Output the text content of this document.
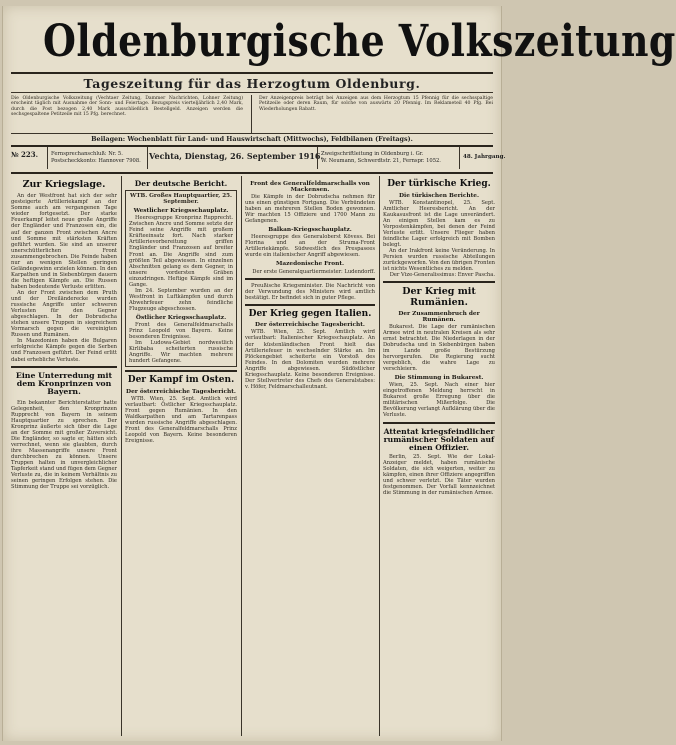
Oldenburgische Volkszeitung
Tageszeitung für das Herzogtum Oldenburg.
Die Oldenburgische Volkszeitung (Vechtaer Zeitung, Dammer Nachrichten, Lohner Zeitung) erscheint täglich mit Ausnahme der Sonn- und Feiertage. Bezugspreis vierteljährlich 2,40 Mark, durch die Post bezogen 2,40 Mark ausschließlich Bestellgeld. Anzeigen werden die sechsgespaltene Petitzeile mit 15 Pfg. berechnet.
Der Anzeigenpreis beträgt bei Anzeigen aus dem Herzogtum 15 Pfennig für die sechsspaltige Petitzeile oder deren Raum, für solche von auswärts 20 Pfennig. Im Reklameteil 40 Pfg. Bei Wiederholungen Rabatt.
Beilagen: Wochenblatt für Land- und Hauswirtschaft (Mittwochs), Feldbilanen (Freitags).
№ 223. Fernsprechanschluß: Nr. 5.
Postscheckkonto: Hannover 7908. Vechta, Dienstag, 26. September 1916.
Zweigschriftleitung in Oldenburg i. Gr.
W. Neumann, Schwerdtstr. 21, Fernspr. 1052.
48. Jahrgang.
Zur Kriegslage.

An der Westfront hat sich der sehr gesteigerte Artilleriekampf an der Somme auch am vergangenen Tage wieder fortgesetzt. Der starke Feuerkampf leitet neue große Angriffe der Engländer und Franzosen ein, die auf der ganzen Front zwischen Ancre und Somme mit stärksten Kräften geführt wurden. Sie sind an unserer unerschütterlichen Front zusammengebrochen. Die Feinde haben nur an wenigen Stellen geringen Geländegewinn erzielen können. In den Karpathen und in Siebenbürgen dauern die heftigen Kämpfe an. Die Russen haben bedeutende Verluste erlitten.

An der Front zwischen dem Pruth und der Dreiländerecke wurden russische Angriffe unter schweren Verlusten für den Gegner abgeschlagen. In der Dobrudscha stehen unsere Truppen in siegreichem Vormarsch gegen die vereinigten Russen und Rumänen.

In Mazedonien haben die Bulgaren erfolgreiche Kämpfe gegen die Serben und Franzosen geführt. Der Feind erlitt dabei erhebliche Verluste.

Eine Unterredung mit dem Kronprinzen von Bayern.

Ein bekannter Berichterstatter hatte Gelegenheit, den Kronprinzen Rupprecht von Bayern in seinem Hauptquartier zu sprechen. Der Kronprinz äußerte sich über die Lage an der Somme mit großer Zuversicht. Die Engländer, so sagte er, hätten sich verrechnet, wenn sie glaubten, durch ihre Massenangriffe unsere Front durchbrechen zu können. Unsere Truppen halten in unvergleichlicher Tapferkeit stand und fügen dem Gegner Verluste zu, die in keinem Verhältnis zu seinen geringen Erfolgen stehen. Die Stimmung der Truppe sei vorzüglich.

Der deutsche Bericht.
WTB. Großes Hauptquartier, 25. September.
Westlicher Kriegsschauplatz.

Heeresgruppe Kronprinz Rupprecht. Zwischen Ancre und Somme setzte der Feind seine Angriffe mit großem Kräfteeinsatz fort. Nach starker Artillerievorbereitung griffen Engländer und Franzosen auf breiter Front an. Die Angriffe sind zum größten Teil abgewiesen. In einzelnen Abschnitten gelang es dem Gegner, in unsere vordersten Gräben einzudringen. Heftige Kämpfe sind im Gange.

Im 24. September wurden an der Westfront in Luftkämpfen und durch Abwehrfeuer zehn feindliche Flugzeuge abgeschossen.

Östlicher Kriegsschauplatz.

Front des Generalfeldmarschalls Prinz Leopold von Bayern. Keine besonderen Ereignisse.

Im Ludowa-Gebiet nordwestlich Kirlibaba scheiterten russische Angriffe. Wir machten mehrere hundert Gefangene.

Der Kampf im Osten.
Der österreichische Tagesbericht.

WTB. Wien, 25. Sept. Amtlich wird verlautbart: Östlicher Kriegsschauplatz. Front gegen Rumänien. In den Waldkarpathen und am Tartarenpass wurden russische Angriffe abgeschlagen. Front des Generalfeldmarschalls Prinz Leopold von Bayern. Keine besonderen Ereignisse.

Front des Generalfeldmarschalls von Mackensen.

Die Kämpfe in der Dobrudscha nehmen für uns einen günstigen Fortgang. Die Verbündeten haben an mehreren Stellen Boden gewonnen. Wir machten 15 Offiziere und 1700 Mann zu Gefangenen.

Balkan-Kriegsschauplatz.

Heeresgruppe des Generaloberst Kövess. Bei Florina und an der Struma-Front Artilleriekämpfe. Südwestlich des Prespasees wurde ein italienischer Angriff abgewiesen.

Mazedonische Front.

Der erste Generalquartiermeister: Ludendorff.

Preußische Kriegsminister. Die Nachricht von der Verwundung des Ministers wird amtlich bestätigt. Er befindet sich in guter Pflege.

Der Krieg gegen Italien.
Der österreichische Tagesbericht.

WTB. Wien, 25. Sept. Amtlich wird verlautbart: Italienischer Kriegsschauplatz. An der küstenländischen Front hielt das Artilleriefeuer in wechselnder Stärke an. Im Plöckengebiet scheiterte ein Vorstoß des Feindes. In den Dolomiten wurden mehrere Angriffe abgewiesen. Südöstlicher Kriegsschauplatz. Keine besonderen Ereignisse. Der Stellvertreter des Chefs des Generalstabes: v. Höfer, Feldmarschalleutnant.

Der türkische Krieg.
Die türkischen Berichte.

WTB. Konstantinopel, 25. Sept. Amtlicher Heeresbericht. An der Kaukasusfront ist die Lage unverändert. An einigen Stellen kam es zu Vorpostenkämpfen, bei denen der Feind Verluste erlitt. Unsere Flieger haben feindliche Lager erfolgreich mit Bomben belegt.

An der Irakfront keine Veränderung. In Persien wurden russische Abteilungen zurückgeworfen. Von den übrigen Fronten ist nichts Wesentliches zu melden.

Der Vize-Generalissimus: Enver Pascha.

Der Krieg mit Rumänien.
Der Zusammenbruch der Rumänen.

Bukarest. Die Lage der rumänischen Armee wird in neutralen Kreisen als sehr ernst betrachtet. Die Niederlagen in der Dobrudscha und in Siebenbürgen haben im Lande große Bestürzung hervorgerufen. Die Regierung sucht vergeblich, die wahre Lage zu verschleiern.

Die Stimmung in Bukarest.

Wien, 25. Sept. Nach einer hier eingetroffenen Meldung herrscht in Bukarest große Erregung über die militärischen Mißerfolge. Die Bevölkerung verlangt Aufklärung über die Verluste.

Attentat kriegsfeindlicher rumänischer Soldaten auf einen Offizier.

Berlin, 25. Sept. Wie der Lokal-Anzeiger meldet, haben rumänische Soldaten, die sich weigerten, weiter zu kämpfen, einen ihrer Offiziere angegriffen und schwer verletzt. Die Täter wurden festgenommen. Der Vorfall kennzeichnet die Stimmung in der rumänischen Armee.
